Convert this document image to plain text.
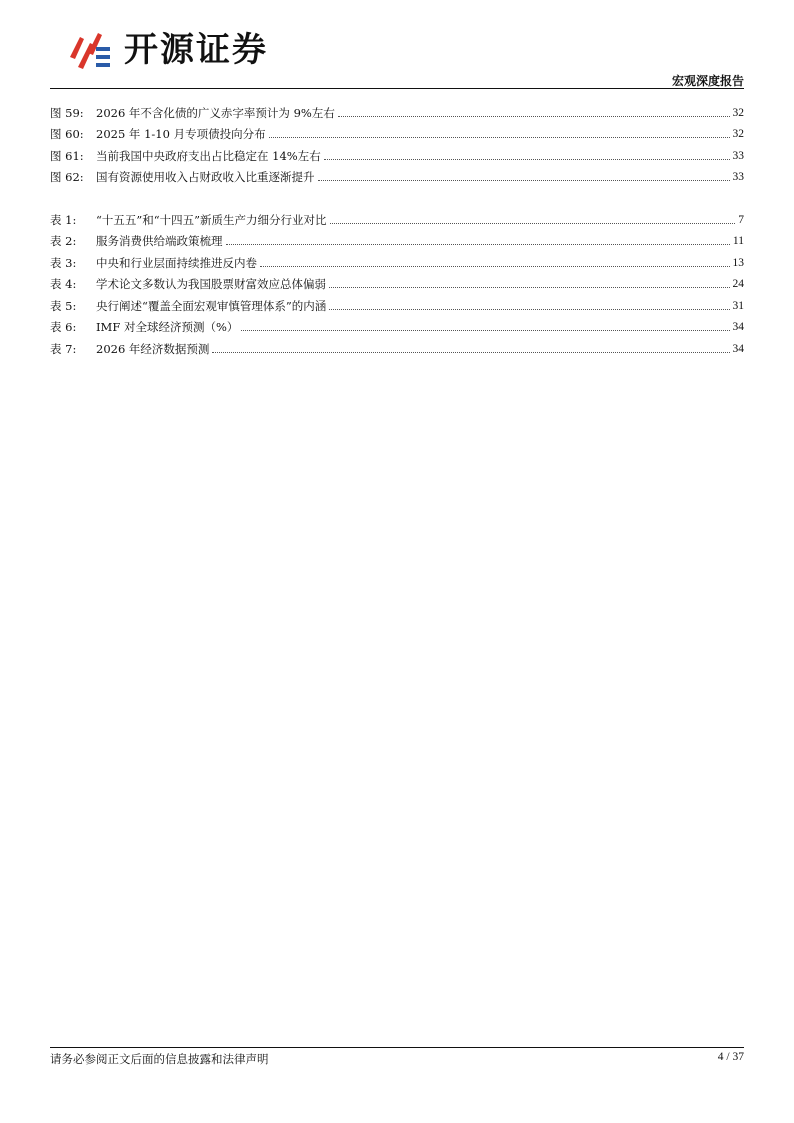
开源证券
宏观深度报告
图 59:	2026 年不含化债的广义赤字率预计为 9%左右	32
图 60:	2025 年 1-10 月专项债投向分布	32
图 61:	当前我国中央政府支出占比稳定在 14%左右	33
图 62:	国有资源使用收入占财政收入比重逐渐提升	33
表 1:	“十五五”和“十四五”新质生产力细分行业对比	7
表 2:	服务消费供给端政策梳理	11
表 3:	中央和行业层面持续推进反内卷	13
表 4:	学术论文多数认为我国股票财富效应总体偏弱	24
表 5:	央行阐述“覆盖全面宏观审慎管理体系”的内涵	31
表 6:	IMF 对全球经济预测（%）	34
表 7:	2026 年经济数据预测	34
请务必参阅正文后面的信息披露和法律声明	4 / 37
